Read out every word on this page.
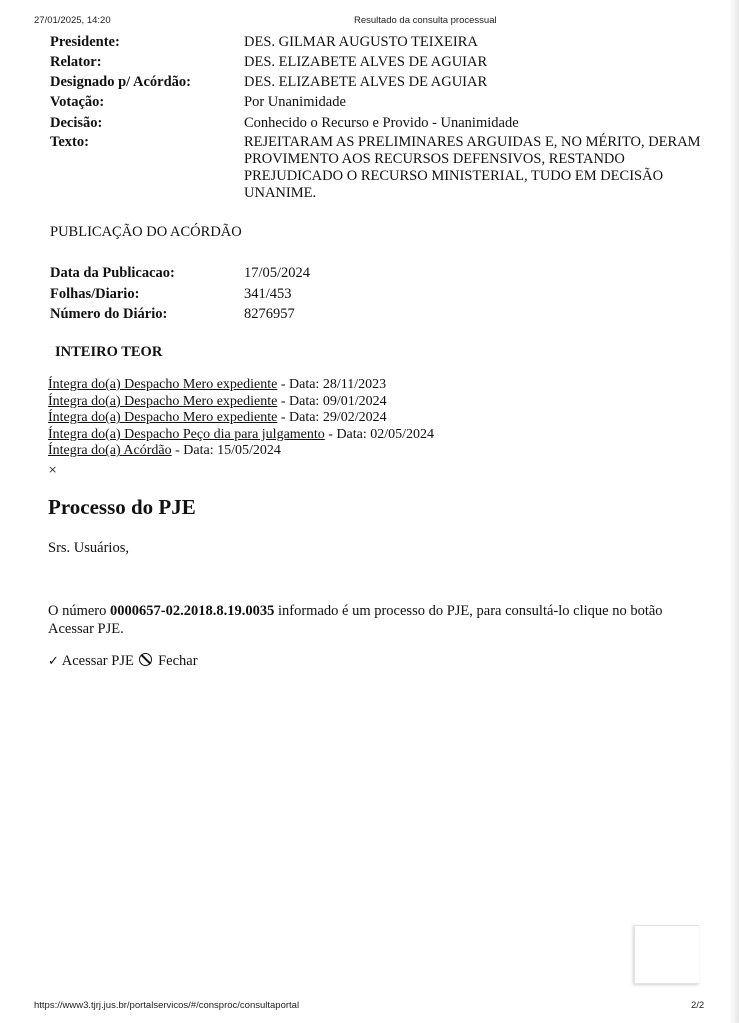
27/01/2025, 14:20	Resultado da consulta processual
Presidente:	DES. GILMAR AUGUSTO TEIXEIRA
Relator:	DES. ELIZABETE ALVES DE AGUIAR
Designado p/ Acórdão:	DES. ELIZABETE ALVES DE AGUIAR
Votação:	Por Unanimidade
Decisão:	Conhecido o Recurso e Provido - Unanimidade
Texto:	REJEITARAM AS PRELIMINARES ARGUIDAS E, NO MÉRITO, DERAM PROVIMENTO AOS RECURSOS DEFENSIVOS, RESTANDO PREJUDICADO O RECURSO MINISTERIAL, TUDO EM DECISÃO UNANIME.
PUBLICAÇÃO DO ACÓRDÃO
Data da Publicacao:	17/05/2024
Folhas/Diario:	341/453
Número do Diário:	8276957
INTEIRO TEOR
Íntegra do(a) Despacho Mero expediente - Data: 28/11/2023
Íntegra do(a) Despacho Mero expediente - Data: 09/01/2024
Íntegra do(a) Despacho Mero expediente - Data: 29/02/2024
Íntegra do(a) Despacho Peço dia para julgamento - Data: 02/05/2024
Íntegra do(a) Acórdão - Data: 15/05/2024
×
Processo do PJE
Srs. Usuários,
O número 0000657-02.2018.8.19.0035 informado é um processo do PJE, para consultá-lo clique no botão Acessar PJE.
✓ Acessar PJE Fechar
https://www3.tjrj.jus.br/portalservicos/#/consproc/consultaportal	2/2
